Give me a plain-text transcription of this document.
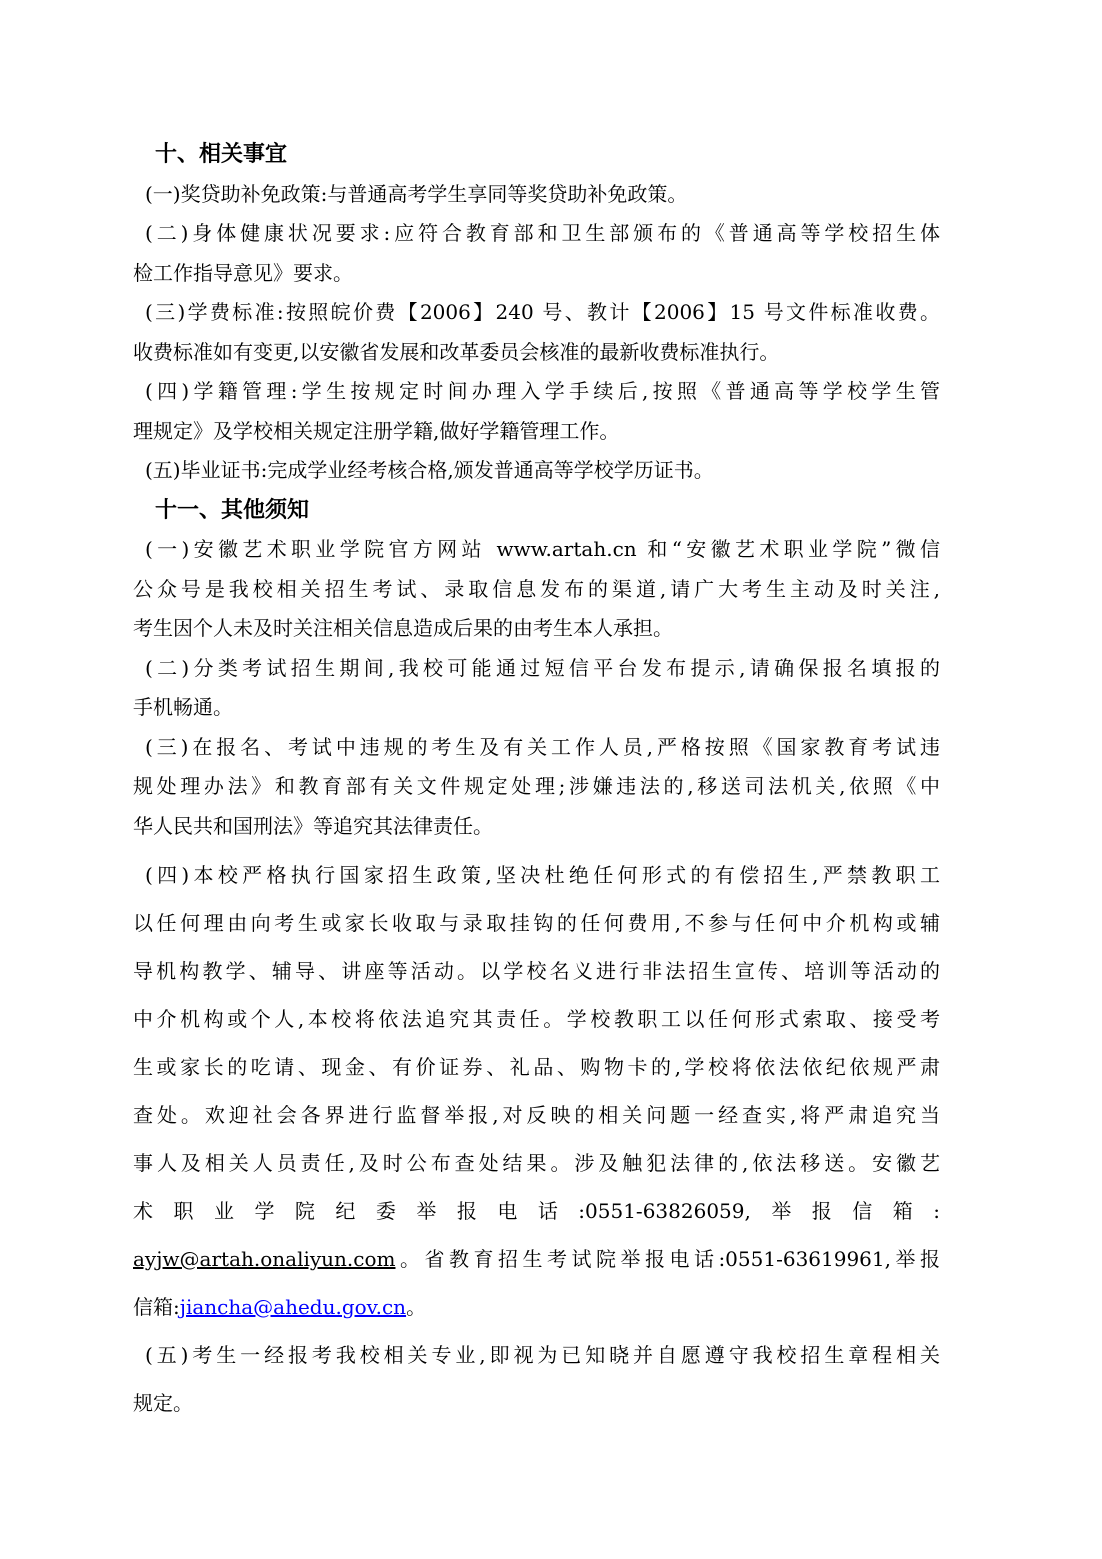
十、相关事宜
(一)奖贷助补免政策:与普通高考学生享同等奖贷助补免政策。
(二)身体健康状况要求:应符合教育部和卫生部颁布的《普通高等学校招生体
检工作指导意见》要求。
(三)学费标准:按照皖价费【2006】240 号、教计【2006】15 号文件标准收费。
收费标准如有变更,以安徽省发展和改革委员会核准的最新收费标准执行。
(四)学籍管理:学生按规定时间办理入学手续后,按照《普通高等学校学生管
理规定》及学校相关规定注册学籍,做好学籍管理工作。
(五)毕业证书:完成学业经考核合格,颁发普通高等学校学历证书。
十一、其他须知
(一)安徽艺术职业学院官方网站 www.artah.cn 和“安徽艺术职业学院”微信
公众号是我校相关招生考试、录取信息发布的渠道,请广大考生主动及时关注,
考生因个人未及时关注相关信息造成后果的由考生本人承担。
(二)分类考试招生期间,我校可能通过短信平台发布提示,请确保报名填报的
手机畅通。
(三)在报名、考试中违规的考生及有关工作人员,严格按照《国家教育考试违
规处理办法》和教育部有关文件规定处理;涉嫌违法的,移送司法机关,依照《中
华人民共和国刑法》等追究其法律责任。
(四)本校严格执行国家招生政策,坚决杜绝任何形式的有偿招生,严禁教职工
以任何理由向考生或家长收取与录取挂钩的任何费用,不参与任何中介机构或辅
导机构教学、辅导、讲座等活动。以学校名义进行非法招生宣传、培训等活动的
中介机构或个人,本校将依法追究其责任。学校教职工以任何形式索取、接受考
生或家长的吃请、现金、有价证券、礼品、购物卡的,学校将依法依纪依规严肃
查处。欢迎社会各界进行监督举报,对反映的相关问题一经查实,将严肃追究当
事人及相关人员责任,及时公布查处结果。涉及触犯法律的,依法移送。安徽艺
术职业学院纪委举报电话:0551-63826059,举报信箱:
ayjw@artah.onaliyun.com。省教育招生考试院举报电话:0551-63619961,举报
信箱:jiancha@ahedu.gov.cn。
(五)考生一经报考我校相关专业,即视为已知晓并自愿遵守我校招生章程相关
规定。
